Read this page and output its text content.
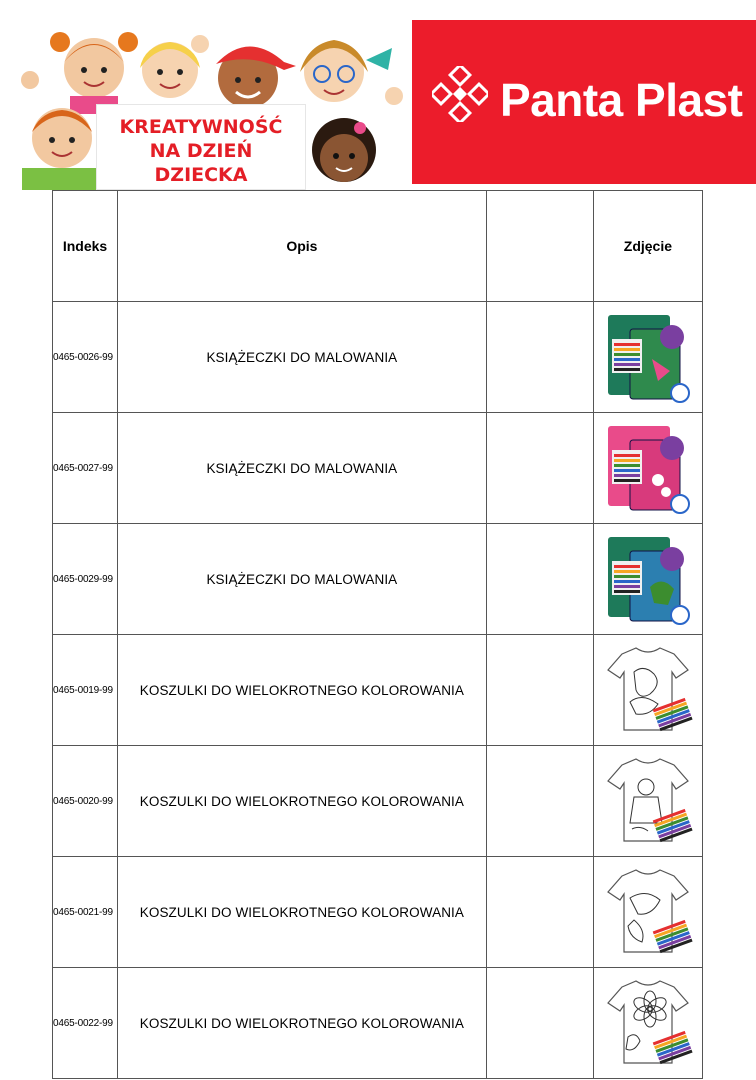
KREATYWNOŚĆ
NA DZIEŃ
DZIECKA
Panta Plast
Indeks	Opis		Zdjęcie
0465-0026-99	KSIĄŻECZKI DO MALOWANIA		

0465-0027-99	KSIĄŻECZKI DO MALOWANIA		

0465-0029-99	KSIĄŻECZKI DO MALOWANIA		

0465-0019-99	KOSZULKI DO WIELOKROTNEGO KOLOROWANIA		

0465-0020-99	KOSZULKI DO WIELOKROTNEGO KOLOROWANIA		

0465-0021-99	KOSZULKI DO WIELOKROTNEGO KOLOROWANIA		

0465-0022-99	KOSZULKI DO WIELOKROTNEGO KOLOROWANIA		
